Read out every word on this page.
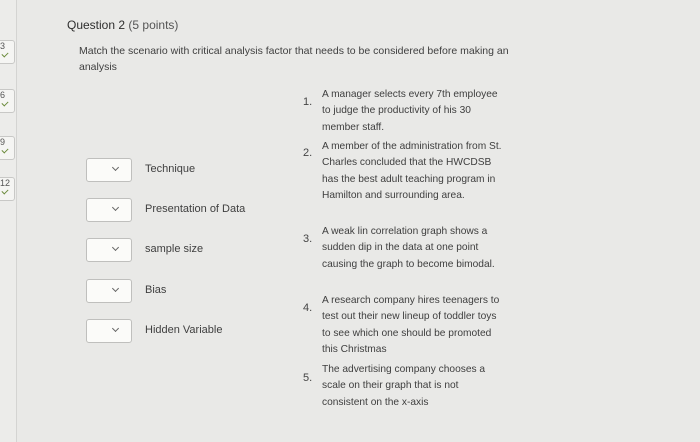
3
6
9
12
Question 2 (5 points)
Match the scenario with critical analysis factor that needs to be considered before making an analysis
Technique
Presentation of Data
sample size
Bias
Hidden Variable
1.
A manager selects every 7th employee to judge the productivity of his 30 member staff.
2.
A member of the administration from St. Charles concluded that the HWCDSB has the best adult teaching program in Hamilton and surrounding area.
3.
A weak lin correlation graph shows a sudden dip in the data at one point causing the graph to become bimodal.
4.
A research company hires teenagers to test out their new lineup of toddler toys to see which one should be promoted this Christmas
5.
The advertising company chooses a scale on their graph that is not consistent on the x-axis
